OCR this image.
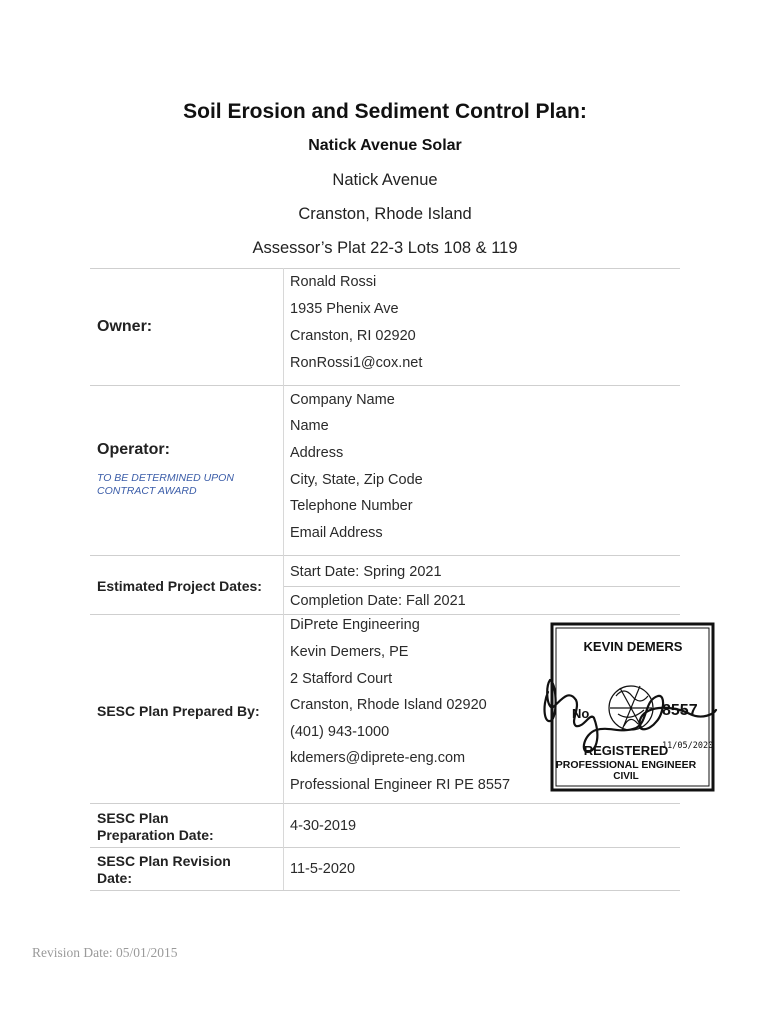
Soil Erosion and Sediment Control Plan:
Natick Avenue Solar
Natick Avenue
Cranston, Rhode Island
Assessor’s Plat 22-3 Lots 108 & 119
Owner:
Ronald Rossi
1935 Phenix Ave
Cranston, RI 02920
RonRossi1@cox.net
Operator:
TO BE DETERMINED UPON CONTRACT AWARD
Company Name
Name
Address
City, State, Zip Code
Telephone Number
Email Address
Estimated Project Dates:
Start Date: Spring 2021
Completion Date: Fall 2021
SESC Plan Prepared By:
DiPrete Engineering
Kevin Demers, PE
2 Stafford Court
Cranston, Rhode Island 02920
(401) 943-1000
kdemers@diprete-eng.com
Professional Engineer RI PE 8557
KEVIN DEMERS
No.	8557
11/05/2020
REGISTERED
PROFESSIONAL ENGINEER
CIVIL
SESC Plan Preparation Date:
4-30-2019
SESC Plan Revision Date:
11-5-2020
Revision Date: 05/01/2015
